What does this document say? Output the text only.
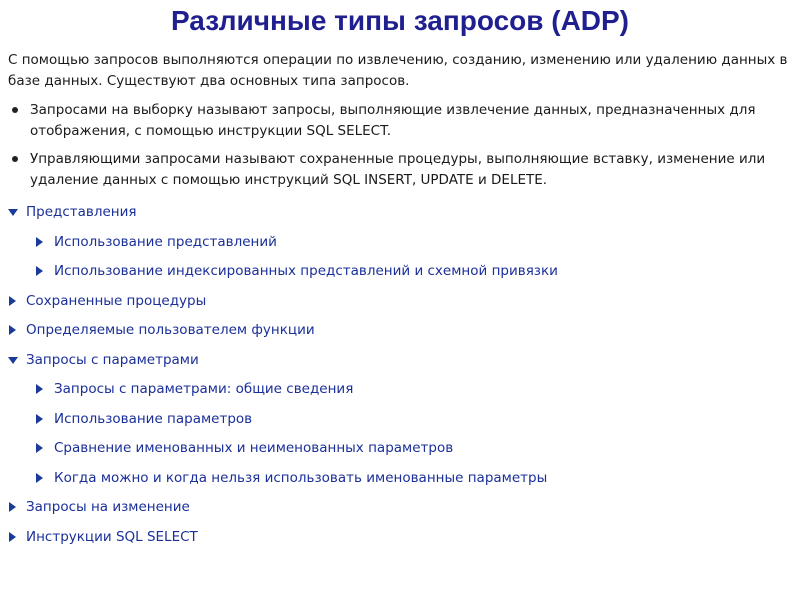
Различные типы запросов (ADP)

С помощью запросов выполняются операции по извлечению, созданию, изменению или удалению данных в базе данных. Существуют два основных типа запросов.

Запросами на выборку называют запросы, выполняющие извлечение данных, предназначенных для отображения, с помощью инструкции SQL SELECT.
Управляющими запросами называют сохраненные процедуры, выполняющие вставку, изменение или удаление данных с помощью инструкций SQL INSERT, UPDATE и DELETE.
Представления
Использование представлений
Использование индексированных представлений и схемной привязки
Сохраненные процедуры
Определяемые пользователем функции
Запросы с параметрами
Запросы с параметрами: общие сведения
Использование параметров
Сравнение именованных и неименованных параметров
Когда можно и когда нельзя использовать именованные параметры
Запросы на изменение
Инструкции SQL SELECT
